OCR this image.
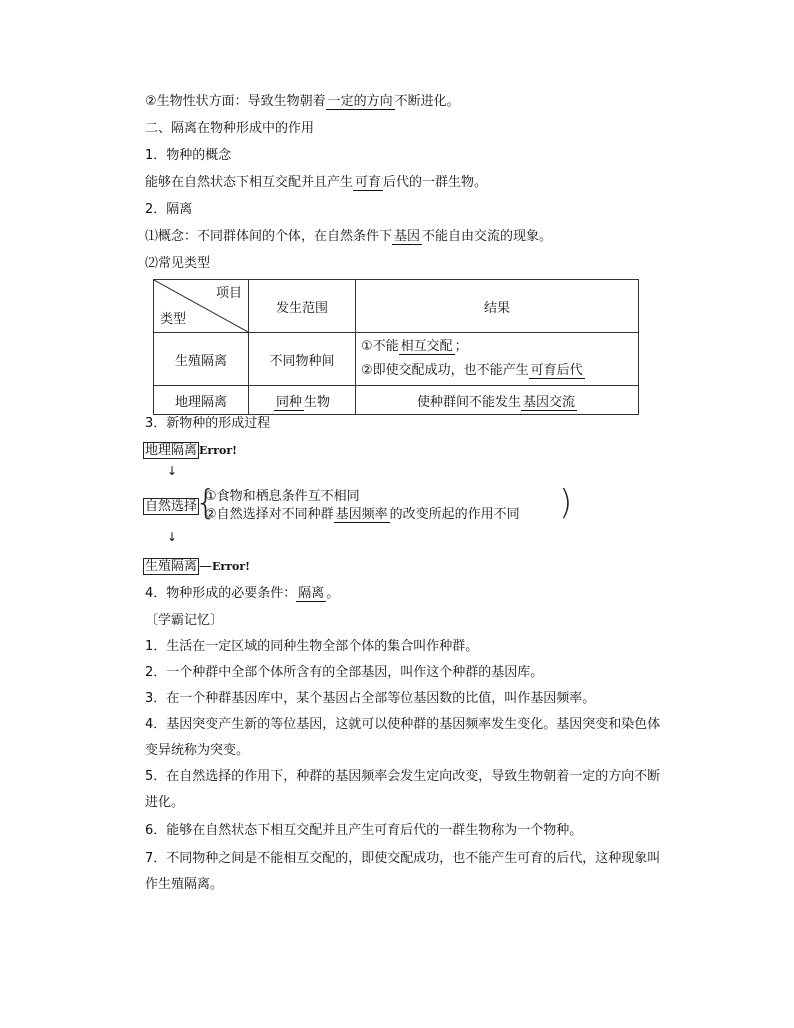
②生物性状方面：导致生物朝着 一定的方向 不断进化。
二、隔离在物种形成中的作用
1．物种的概念
能够在自然状态下相互交配并且产生 可育 后代的一群生物。
2．隔离
⑴概念：不同群体间的个体，在自然条件下 基因 不能自由交流的现象。
⑵常见类型
项目
类型	发生范围	结果
生殖隔离	不同物种间	①不能 相互交配 ；
②即使交配成功，也不能产生 可育后代

地理隔离	同种 生物	使种群间不能发生 基因交流
3．新物种的形成过程
地理隔离 Error!
↓
自然选择
{
①食物和栖息条件互不相同
②自然选择对不同种群 基因频率 的改变所起的作用不同 )
↓
生殖隔离 —Error!
4．物种形成的必要条件： 隔离 。
〔学霸记忆〕
1．生活在一定区域的同种生物全部个体的集合叫作种群。
2．一个种群中全部个体所含有的全部基因，叫作这个种群的基因库。
3．在一个种群基因库中，某个基因占全部等位基因数的比值，叫作基因频率。
4．基因突变产生新的等位基因，这就可以使种群的基因频率发生变化。基因突变和染色体
变异统称为突变。
5．在自然选择的作用下，种群的基因频率会发生定向改变，导致生物朝着一定的方向不断
进化。
6．能够在自然状态下相互交配并且产生可育后代的一群生物称为一个物种。
7．不同物种之间是不能相互交配的，即使交配成功，也不能产生可育的后代，这种现象叫
作生殖隔离。
